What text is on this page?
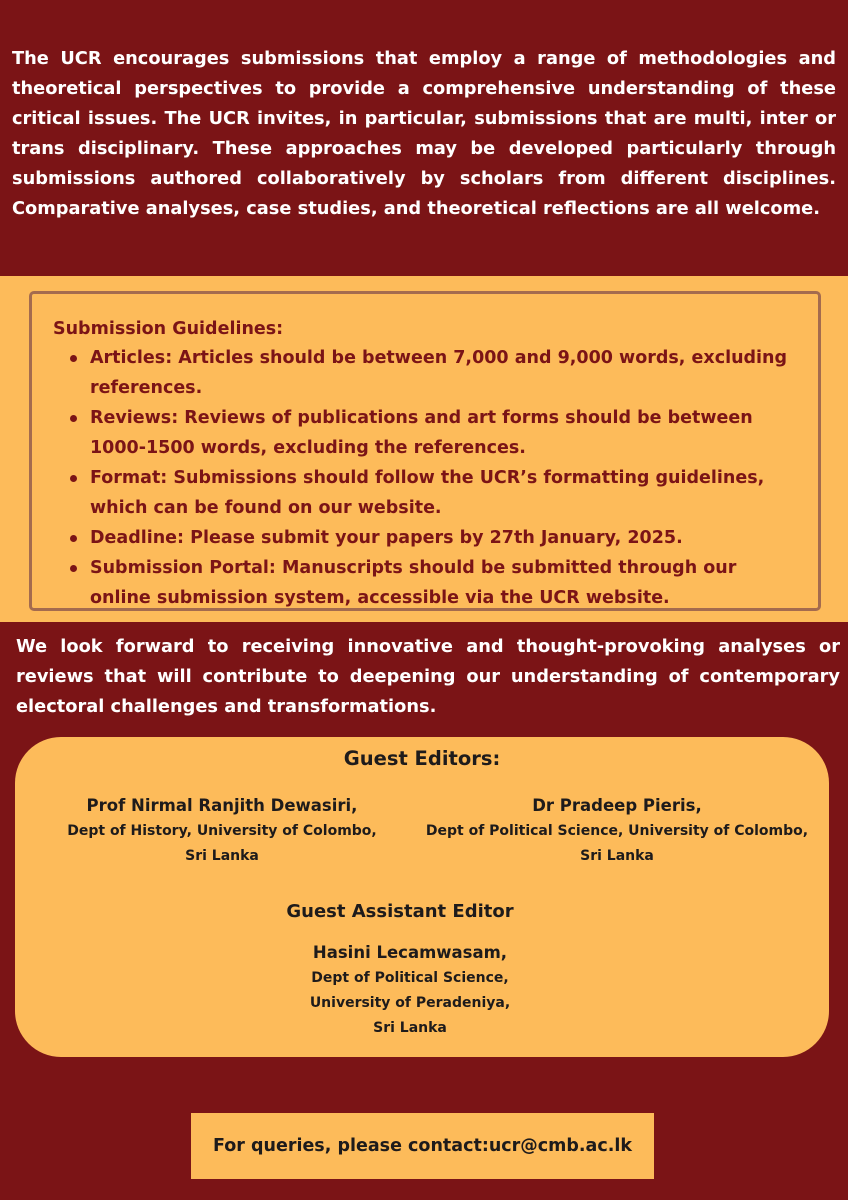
The UCR encourages submissions that employ a range of methodologies and theoretical perspectives to provide a comprehensive understanding of these critical issues. The UCR invites, in particular, submissions that are multi, inter or trans disciplinary. These approaches may be developed particularly through submissions authored collaboratively by scholars from different disciplines. Comparative analyses, case studies, and theoretical reflections are all welcome.

Submission Guidelines:

Articles: Articles should be between 7,000 and 9,000 words, excluding references.
Reviews: Reviews of publications and art forms should be between 1000-1500 words, excluding the references.
Format: Submissions should follow the UCR’s formatting guidelines, which can be found on our website.
Deadline: Please submit your papers by 27th January, 2025.
Submission Portal: Manuscripts should be submitted through our online submission system, accessible via the UCR website.

We look forward to receiving innovative and thought-provoking analyses or reviews that will contribute to deepening our understanding of contemporary electoral challenges and transformations.

Guest Editors:

Prof Nirmal Ranjith Dewasiri,

Dept of History, University of Colombo,

Sri Lanka

Dr Pradeep Pieris,

Dept of Political Science, University of Colombo,

Sri Lanka

Guest Assistant Editor

Hasini Lecamwasam,

Dept of Political Science,

University of Peradeniya,

Sri Lanka

For queries, please contact:ucr@cmb.ac.lk
